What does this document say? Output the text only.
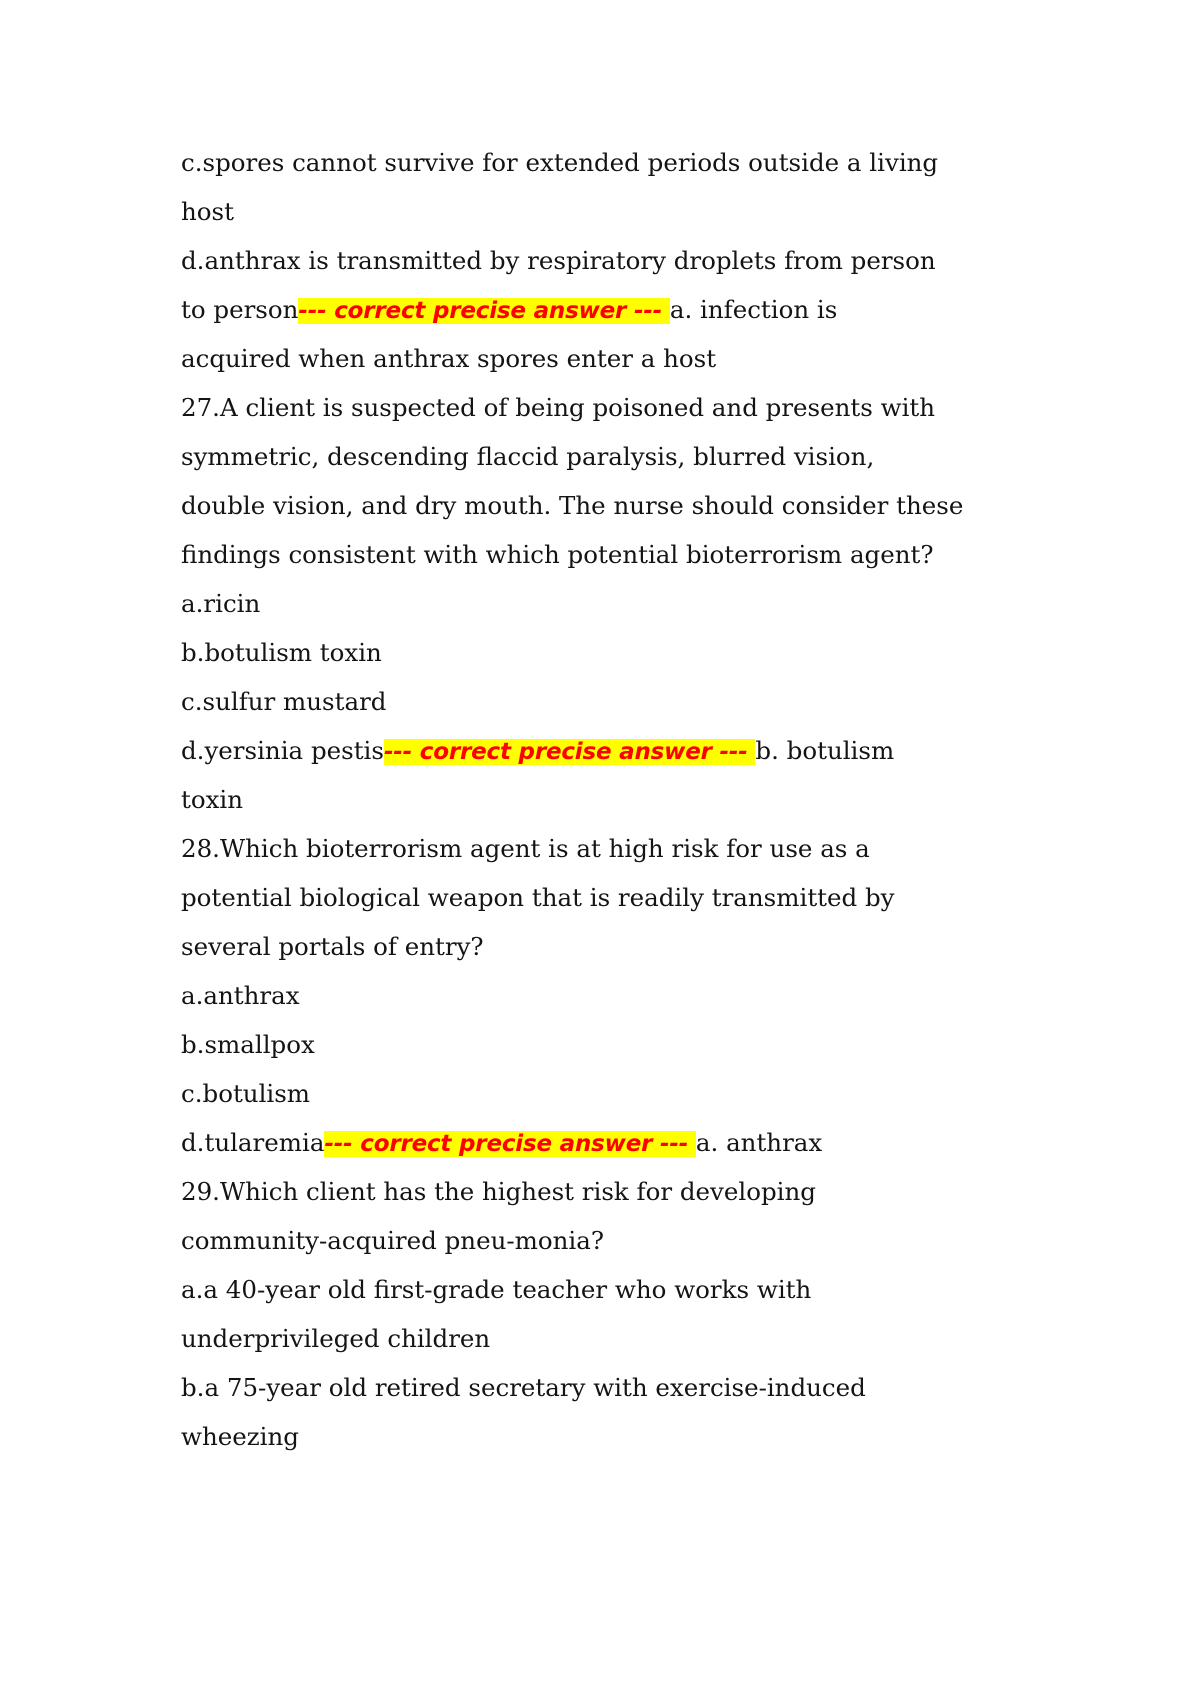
c.spores cannot survive for extended periods outside a living
host
d.anthrax is transmitted by respiratory droplets from person
to person--- correct precise answer --- a. infection is
acquired when anthrax spores enter a host
27.A client is suspected of being poisoned and presents with
symmetric, descending flaccid paralysis, blurred vision,
double vision, and dry mouth. The nurse should consider these
findings consistent with which potential bioterrorism agent?
a.ricin
b.botulism toxin
c.sulfur mustard
d.yersinia pestis--- correct precise answer --- b. botulism
toxin
28.Which bioterrorism agent is at high risk for use as a
potential biological weapon that is readily transmitted by
several portals of entry?
a.anthrax
b.smallpox
c.botulism
d.tularemia--- correct precise answer --- a. anthrax
29.Which client has the highest risk for developing
community-acquired pneu-monia?
a.a 40-year old first-grade teacher who works with
underprivileged children
b.a 75-year old retired secretary with exercise-induced
wheezing
